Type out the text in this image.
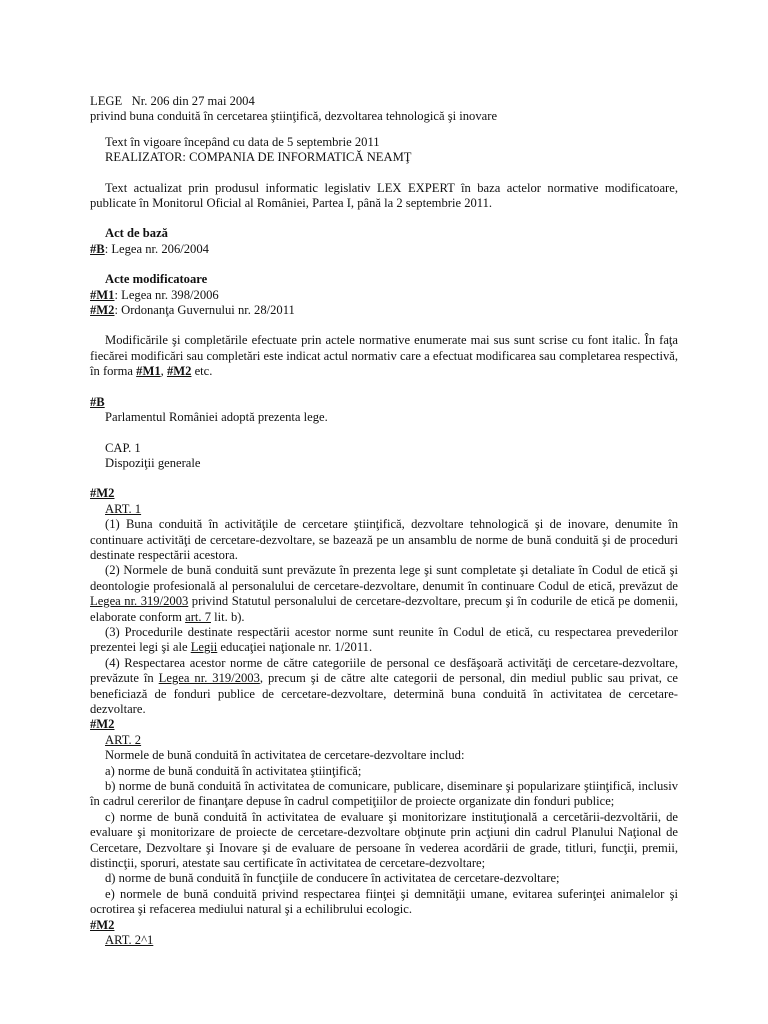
LEGE Nr. 206 din 27 mai 2004

privind buna conduită în cercetarea ştiinţifică, dezvoltarea tehnologică şi inovare

Text în vigoare începând cu data de 5 septembrie 2011

REALIZATOR: COMPANIA DE INFORMATICĂ NEAMŢ

Text actualizat prin produsul informatic legislativ LEX EXPERT în baza actelor normative modificatoare, publicate în Monitorul Oficial al României, Partea I, până la 2 septembrie 2011.

Act de bază

#B: Legea nr. 206/2004

Acte modificatoare

#M1: Legea nr. 398/2006

#M2: Ordonanţa Guvernului nr. 28/2011

Modificările şi completările efectuate prin actele normative enumerate mai sus sunt scrise cu font italic. În faţa fiecărei modificări sau completări este indicat actul normativ care a efectuat modificarea sau completarea respectivă, în forma #M1, #M2 etc.

#B

Parlamentul României adoptă prezenta lege.

CAP. 1

Dispoziţii generale

#M2

ART. 1

(1) Buna conduită în activităţile de cercetare ştiinţifică, dezvoltare tehnologică şi de inovare, denumite în continuare activităţi de cercetare-dezvoltare, se bazează pe un ansamblu de norme de bună conduită şi de proceduri destinate respectării acestora.

(2) Normele de bună conduită sunt prevăzute în prezenta lege şi sunt completate şi detaliate în Codul de etică şi deontologie profesională al personalului de cercetare-dezvoltare, denumit în continuare Codul de etică, prevăzut de Legea nr. 319/2003 privind Statutul personalului de cercetare-dezvoltare, precum şi în codurile de etică pe domenii, elaborate conform art. 7 lit. b).

(3) Procedurile destinate respectării acestor norme sunt reunite în Codul de etică, cu respectarea prevederilor prezentei legi şi ale Legii educaţiei naţionale nr. 1/2011.

(4) Respectarea acestor norme de către categoriile de personal ce desfăşoară activităţi de cercetare-dezvoltare, prevăzute în Legea nr. 319/2003, precum şi de către alte categorii de personal, din mediul public sau privat, ce beneficiază de fonduri publice de cercetare-dezvoltare, determină buna conduită în activitatea de cercetare-dezvoltare.

#M2

ART. 2

Normele de bună conduită în activitatea de cercetare-dezvoltare includ:

a) norme de bună conduită în activitatea ştiinţifică;

b) norme de bună conduită în activitatea de comunicare, publicare, diseminare şi popularizare ştiinţifică, inclusiv în cadrul cererilor de finanţare depuse în cadrul competiţiilor de proiecte organizate din fonduri publice;

c) norme de bună conduită în activitatea de evaluare şi monitorizare instituţională a cercetării-dezvoltării, de evaluare şi monitorizare de proiecte de cercetare-dezvoltare obţinute prin acţiuni din cadrul Planului Naţional de Cercetare, Dezvoltare şi Inovare şi de evaluare de persoane în vederea acordării de grade, titluri, funcţii, premii, distincţii, sporuri, atestate sau certificate în activitatea de cercetare-dezvoltare;

d) norme de bună conduită în funcţiile de conducere în activitatea de cercetare-dezvoltare;

e) normele de bună conduită privind respectarea fiinţei şi demnităţii umane, evitarea suferinţei animalelor şi ocrotirea şi refacerea mediului natural şi a echilibrului ecologic.

#M2

ART. 2^1
